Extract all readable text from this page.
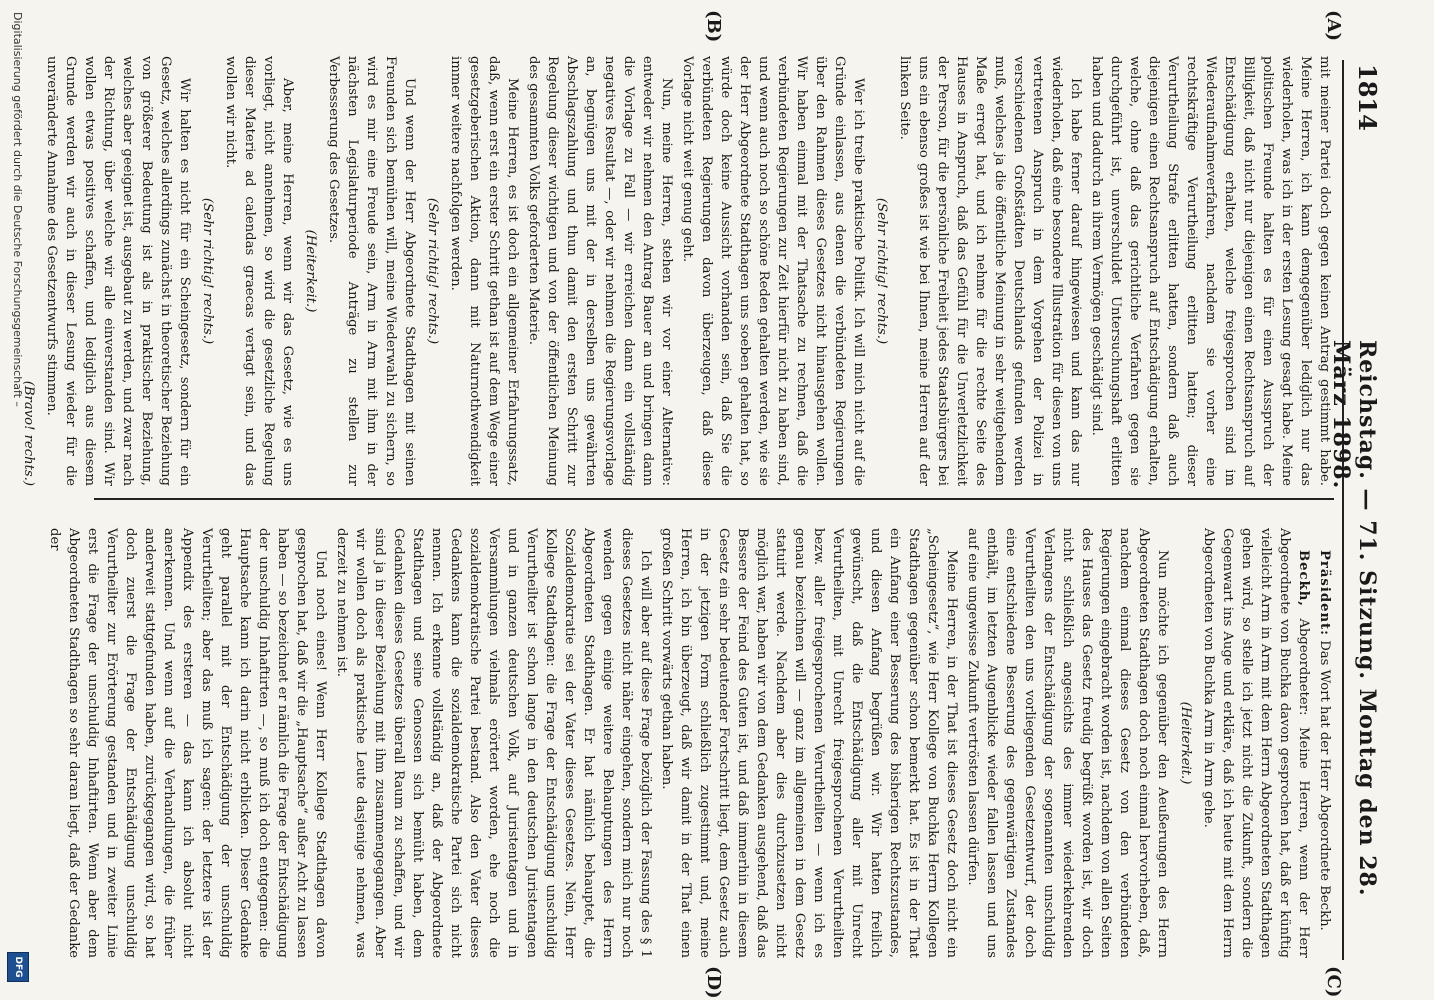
1814
Reichstag. — 71. Sitzung. Montag den 28. März 1898.
(A)
(B)
(C)
(D)

mit meiner Partei doch gegen keinen Antrag gestimmt habe. Meine Herren, ich kann demgegenüber lediglich nur das wiederholen, was ich in der ersten Lesung gesagt habe. Meine politischen Freunde halten es für einen Ausspruch der Billigkeit, daß nicht nur diejenigen einen Rechtsanspruch auf Entschädigung erhalten, welche freigesprochen sind im Wiederaufnahmeverfahren, nachdem sie vorher eine rechtskräftige Verurtheilung erlitten hatten; dieser Verurtheilung Strafe erlitten hatten, sondern daß auch diejenigen einen Rechtsanspruch auf Entschädigung erhalten, welche, ohne daß das gerichtliche Verfahren gegen sie durchgeführt ist, unverschuldet Untersuchungshaft erlitten haben und dadurch an ihrem Vermögen geschädigt sind.

Ich habe ferner darauf hingewiesen und kann das nur wiederholen, daß eine besondere Illustration für diesen von uns vertretenen Anspruch in dem Vorgehen der Polizei in verschiedenen Großstädten Deutschlands gefunden werden muß, welches ja die öffentliche Meinung in sehr weitgehendem Maße erregt hat, und ich nehme für die rechte Seite des Hauses in Anspruch, daß das Gefühl für die Unverletzlichkeit der Person, für die persönliche Freiheit jedes Staatsbürgers bei uns ein ebenso großes ist wie bei Ihnen, meine Herren auf der linken Seite.

(Sehr richtig! rechts.)

Wer ich treibe praktische Politik. Ich will mich nicht auf die Gründe einlassen, aus denen die verbündeten Regierungen über den Rahmen dieses Gesetzes nicht hinausgehen wollen. Wir haben einmal mit der Thatsache zu rechnen, daß die verbündeten Regierungen zur Zeit hierfür nicht zu haben sind, und wenn auch noch so schöne Reden gehalten werden, wie sie der Herr Abgeordnete Stadthagen uns soeben gehalten hat, so würde doch keine Aussicht vorhanden sein, daß Sie die verbündeten Regierungen davon überzeugen, daß diese Vorlage nicht weit genug geht.

Nun, meine Herren, stehen wir vor einer Alternative: entweder wir nehmen den Antrag Bauer an und bringen dann die Vorlage zu Fall — wir erreichen dann ein vollständig negatives Resultat —, oder wir nehmen die Regierungsvorlage an, begnügen uns mit der in derselben uns gewährten Abschlagszahlung und thun damit den ersten Schritt zur Regelung dieser wichtigen und von der öffentlichen Meinung des gesammten Volks geforderten Materie.

Meine Herren, es ist doch ein allgemeiner Erfahrungssatz, daß, wenn erst ein erster Schritt gethan ist auf dem Wege einer gesetzgeberischen Aktion, dann mit Naturnothwendigkeit immer weitere nachfolgen werden.

(Sehr richtig! rechts.)

Und wenn der Herr Abgeordnete Stadthagen mit seinen Freunden sich bemühen will, meine Wiederwahl zu sichern, so wird es mir eine Freude sein, Arm in Arm mit ihm in der nächsten Legislaturperiode Anträge zu stellen zur Verbesserung des Gesetzes.

(Heiterkeit.)

Aber, meine Herren, wenn wir das Gesetz, wie es uns vorliegt, nicht annehmen, so wird die gesetzliche Regelung dieser Materie ad calendas graecas vertagt sein, und das wollen wir nicht.

(Sehr richtig! rechts.)

Wir halten es nicht für ein Scheingesetz, sondern für ein Gesetz, welches allerdings zunächst in theoretischer Beziehung von größerer Bedeutung ist als in praktischer Beziehung, welches aber geeignet ist, ausgebaut zu werden, und zwar nach der Richtung, über welche wir alle einverstanden sind. Wir wollen etwas positives schaffen, und lediglich aus diesem Grunde werden wir auch in dieser Lesung wieder für die unveränderte Annahme des Gesetzentwurfs stimmen.

(Bravo! rechts.)

Präsident: Das Wort hat der Herr Abgeordnete Beckh.

Beckh, Abgeordneter: Meine Herren, wenn der Herr Abgeordnete von Buchka davon gesprochen hat, daß er künftig vielleicht Arm in Arm mit dem Herrn Abgeordneten Stadthagen gehen wird, so stelle ich jetzt nicht die Zukunft, sondern die Gegenwart ins Auge und erkläre, daß ich heute mit dem Herrn Abgeordneten von Buchka Arm in Arm gehe.

(Heiterkeit.)

Nun möchte ich gegenüber den Aeußerungen des Herrn Abgeordneten Stadthagen doch noch einmal hervorheben, daß, nachdem einmal dieses Gesetz von den verbündeten Regierungen eingebracht worden ist, nachdem von allen Seiten des Hauses das Gesetz freudig begrüßt worden ist, wir doch nicht schließlich angesichts des immer wiederkehrenden Verlangens der Entschädigung der sogenannten unschuldig Verurtheilten den uns vorliegenden Gesetzentwurf, der doch eine entschiedene Besserung des gegenwärtigen Zustandes enthält, im letzten Augenblicke wieder fallen lassen und uns auf eine ungewisse Zukunft vertrösten lassen dürfen.

Meine Herren, in der That ist dieses Gesetz doch nicht ein „Scheingesetz“, wie Herr Kollege von Buchka Herrn Kollegen Stadthagen gegenüber schon bemerkt hat. Es ist in der That ein Anfang einer Besserung des bisherigen Rechtszustandes, und diesen Anfang begrüßen wir. Wir hatten freilich gewünscht, daß die Entschädigung aller mit Unrecht Verurtheilten, mit Unrecht freigesprochenen Verurtheilten bezw. aller freigesprochenen Verurtheilten — wenn ich es genau bezeichnen will — ganz im allgemeinen in dem Gesetz statuirt werde. Nachdem aber dies durchzusetzen nicht möglich war, haben wir von dem Gedanken ausgehend, daß das Bessere der Feind des Guten ist, und daß immerhin in diesem Gesetz ein sehr bedeutender Fortschritt liegt, dem Gesetz auch in der jetzigen Form schließlich zugestimmt und, meine Herren, ich bin überzeugt, daß wir damit in der That einen großen Schritt vorwärts gethan haben.

Ich will aber auf diese Frage bezüglich der Fassung des § 1 dieses Gesetzes nicht näher eingehen, sondern mich nur noch wenden gegen einige weitere Behauptungen des Herrn Abgeordneten Stadthagen. Er hat nämlich behauptet, die Sozialdemokratie sei der Vater dieses Gesetzes. Nein, Herr Kollege Stadthagen: die Frage der Entschädigung unschuldig Verurtheilter ist schon lange in den deutschen Juristentagen und in ganzen deutschen Volk, auf Juristentagen und in Versammlungen vielmals erörtert worden, ehe noch die sozialdemokratische Partei bestand. Also den Vater dieses Gedankens kann die sozialdemokratische Partei sich nicht nennen. Ich erkenne vollständig an, daß der Abgeordnete Stadthagen und seine Genossen sich bemüht haben, dem Gedanken dieses Gesetzes überall Raum zu schaffen, und wir sind ja in dieser Beziehung mit ihm zusammengegangen. Aber wir wollen doch als praktische Leute dasjenige nehmen, was derzeit zu nehmen ist.

Und noch eines! Wenn Herr Kollege Stadthagen davon gesprochen hat, daß wir die „Hauptsache“ außer Acht zu lassen haben — so bezeichnet er nämlich die Frage der Entschädigung der unschuldig Inhaftirten —, so muß ich doch entgegnen: die Hauptsache kann ich darin nicht erblicken. Dieser Gedanke geht parallel mit der Entschädigung der unschuldig Verurtheilten; aber das muß ich sagen: der letztere ist der Appendix des ersteren — das kann ich absolut nicht anerkennen. Und wenn auf die Verhandlungen, die früher anderweit stattgefunden haben, zurückgegangen wird, so hat doch zuerst die Frage der Entschädigung unschuldig Verurtheilter zur Erörterung gestanden und in zweiter Linie erst die Frage der unschuldig Inhaftirten. Wenn aber dem Abgeordneten Stadthagen so sehr daran liegt, daß der Gedanke der

Digitalisierung gefördert durch die Deutsche Forschungsgemeinschaft –
DFG
